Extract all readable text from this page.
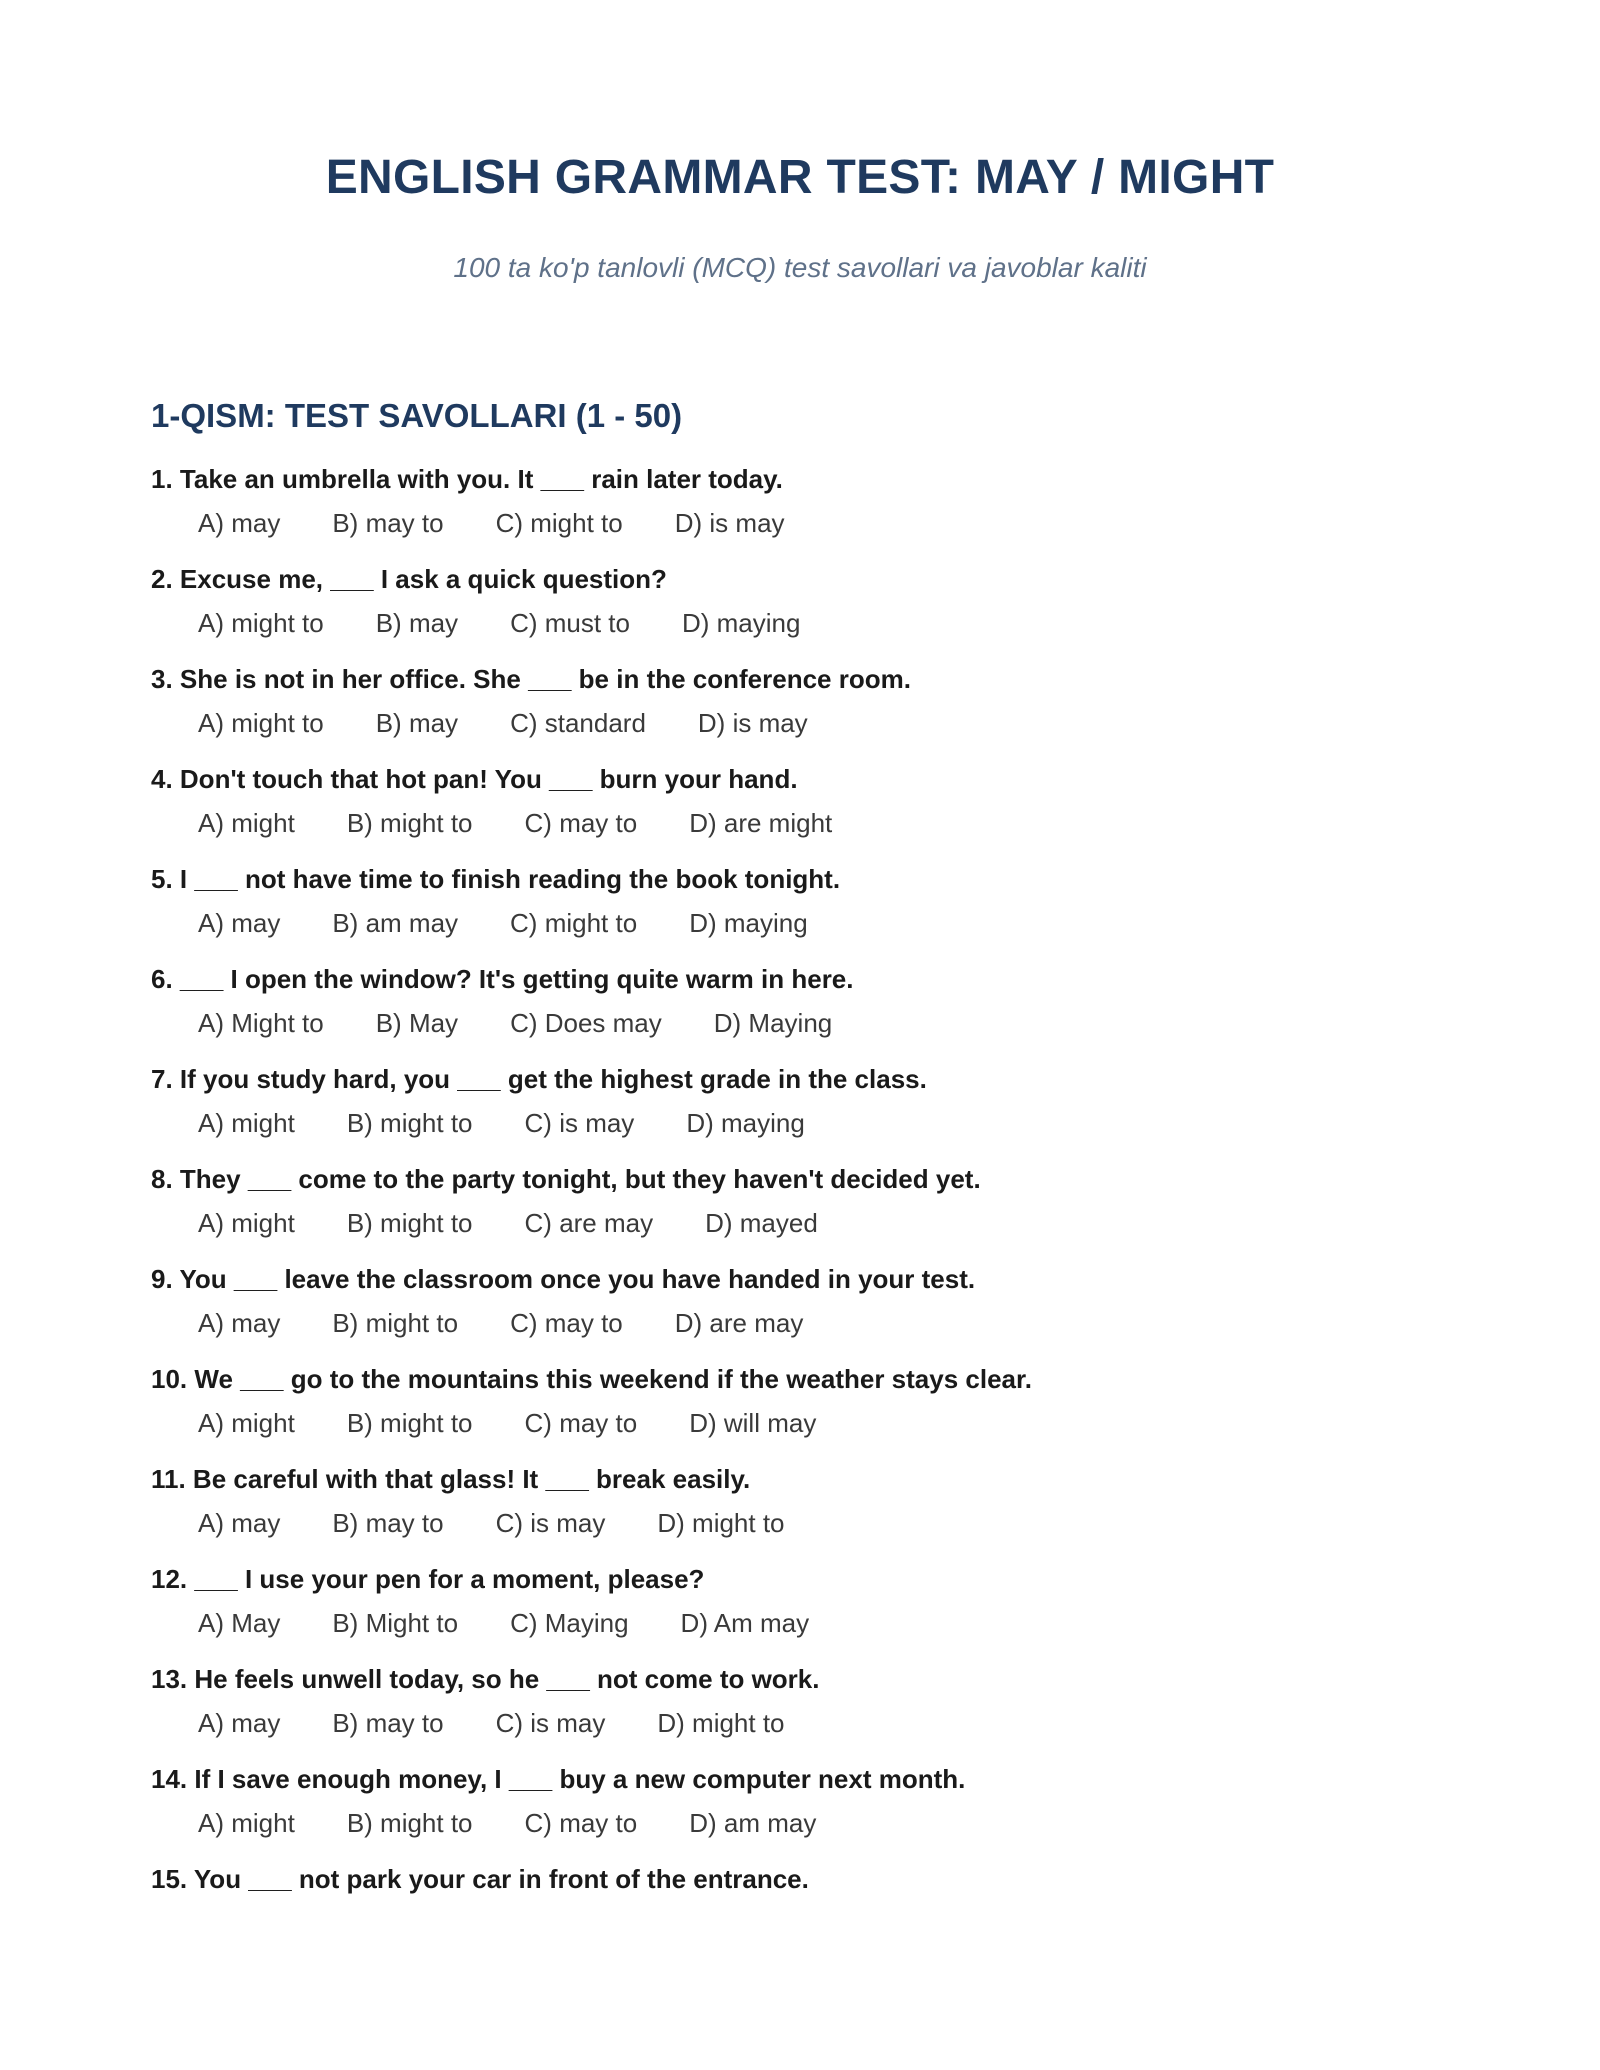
ENGLISH GRAMMAR TEST: MAY / MIGHT
100 ta ko'p tanlovli (MCQ) test savollari va javoblar kaliti
1-QISM: TEST SAVOLLARI (1 - 50)
1. Take an umbrella with you. It ___ rain later today.
A) may B) may to C) might to D) is may
2. Excuse me, ___ I ask a quick question?
A) might to B) may C) must to D) maying
3. She is not in her office. She ___ be in the conference room.
A) might to B) may C) standard D) is may
4. Don't touch that hot pan! You ___ burn your hand.
A) might B) might to C) may to D) are might
5. I ___ not have time to finish reading the book tonight.
A) may B) am may C) might to D) maying
6. ___ I open the window? It's getting quite warm in here.
A) Might to B) May C) Does may D) Maying
7. If you study hard, you ___ get the highest grade in the class.
A) might B) might to C) is may D) maying
8. They ___ come to the party tonight, but they haven't decided yet.
A) might B) might to C) are may D) mayed
9. You ___ leave the classroom once you have handed in your test.
A) may B) might to C) may to D) are may
10. We ___ go to the mountains this weekend if the weather stays clear.
A) might B) might to C) may to D) will may
11. Be careful with that glass! It ___ break easily.
A) may B) may to C) is may D) might to
12. ___ I use your pen for a moment, please?
A) May B) Might to C) Maying D) Am may
13. He feels unwell today, so he ___ not come to work.
A) may B) may to C) is may D) might to
14. If I save enough money, I ___ buy a new computer next month.
A) might B) might to C) may to D) am may
15. You ___ not park your car in front of the entrance.
